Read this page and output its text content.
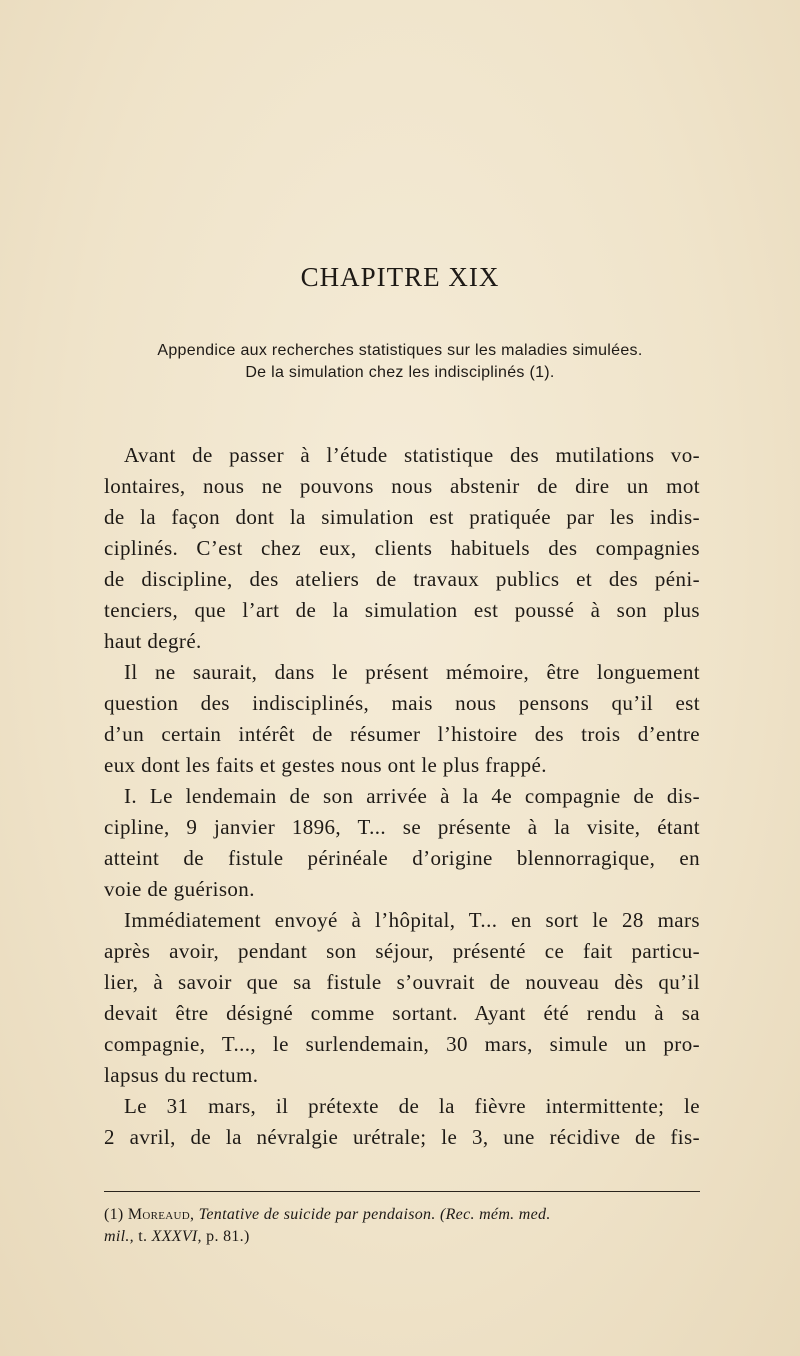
CHAPITRE XIX
Appendice aux recherches statistiques sur les maladies simulées.
De la simulation chez les indisciplinés (1).
Avant de passer à l’étude statistique des mutilations vo-
lontaires, nous ne pouvons nous abstenir de dire un mot
de la façon dont la simulation est pratiquée par les indis-
ciplinés. C’est chez eux, clients habituels des compagnies
de discipline, des ateliers de travaux publics et des péni-
tenciers, que l’art de la simulation est poussé à son plus
haut degré.
Il ne saurait, dans le présent mémoire, être longuement
question des indisciplinés, mais nous pensons qu’il est
d’un certain intérêt de résumer l’histoire des trois d’entre
eux dont les faits et gestes nous ont le plus frappé.
I. Le lendemain de son arrivée à la 4e compagnie de dis-
cipline, 9 janvier 1896, T... se présente à la visite, étant
atteint de fistule périnéale d’origine blennorragique, en
voie de guérison.
Immédiatement envoyé à l’hôpital, T... en sort le 28 mars
après avoir, pendant son séjour, présenté ce fait particu-
lier, à savoir que sa fistule s’ouvrait de nouveau dès qu’il
devait être désigné comme sortant. Ayant été rendu à sa
compagnie, T..., le surlendemain, 30 mars, simule un pro-
lapsus du rectum.
Le 31 mars, il prétexte de la fièvre intermittente; le
2 avril, de la névralgie urétrale; le 3, une récidive de fis-
(1) Moreaud, Tentative de suicide par pendaison. (Rec. mém. med.
mil., t. XXXVI, p. 81.)
